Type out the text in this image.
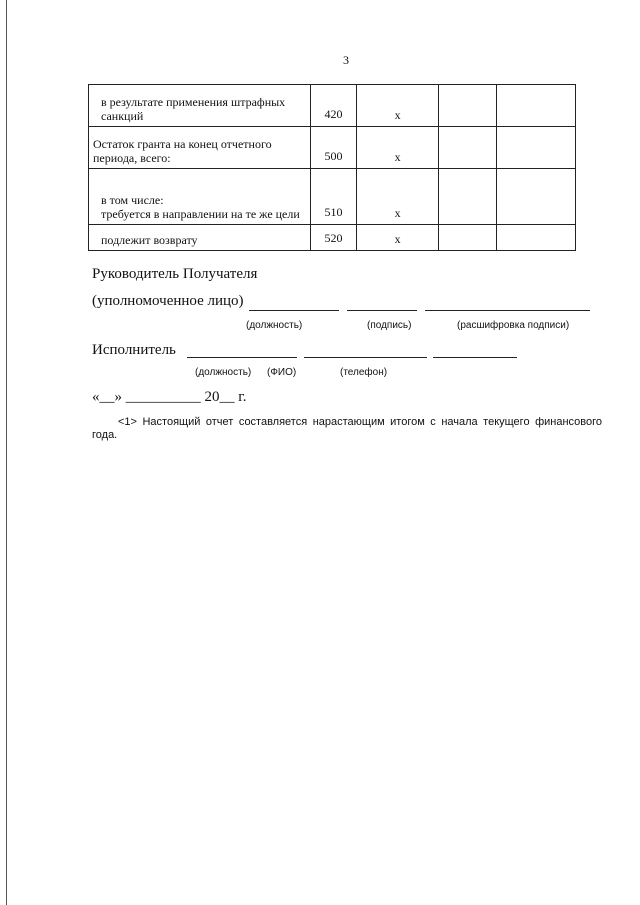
3
в результате применения штрафных санкций	420	х		
Остаток гранта на конец отчетного периода, всего:	500	х		
в том числе:
требуется в направлении на те же цели	510	х		
подлежит возврату	520	х		
Руководитель Получателя
(уполномоченное лицо)
(должность)	(подпись)	(расшифровка подписи)
Исполнитель
(должность) (ФИО)	(телефон)
«__» __________ 20__ г.
<1> Настоящий отчет составляется нарастающим итогом с начала текущего финансового года.
